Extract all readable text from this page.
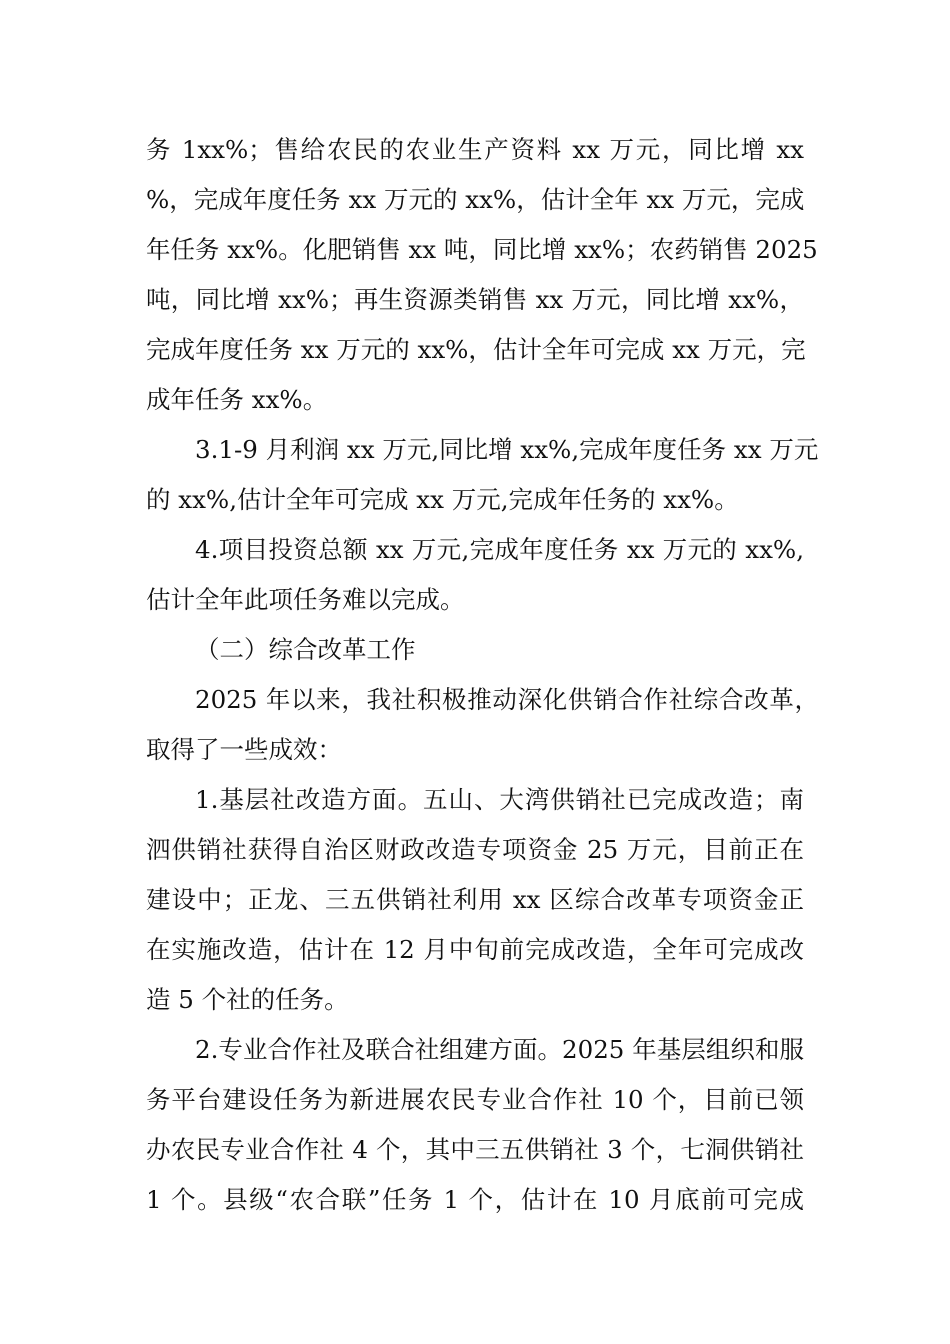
务 1xx%；售给农民的农业生产资料 xx 万元，同比增 xx
%，完成年度任务 xx 万元的 xx%，估计全年 xx 万元，完成
年任务 xx%。化肥销售 xx 吨，同比增 xx%；农药销售 2025
吨，同比增 xx%；再生资源类销售 xx 万元，同比增 xx%，
完成年度任务 xx 万元的 xx%，估计全年可完成 xx 万元，完
成年任务 xx%。
3.1-9 月利润 xx 万元,同比增 xx%,完成年度任务 xx 万元
的 xx%,估计全年可完成 xx 万元,完成年任务的 xx%。
4.项目投资总额 xx 万元,完成年度任务 xx 万元的 xx%,
估计全年此项任务难以完成。
（二）综合改革工作
2025 年以来，我社积极推动深化供销合作社综合改革，
取得了一些成效：
1.基层社改造方面。五山、大湾供销社已完成改造；南
泗供销社获得自治区财政改造专项资金 25 万元，目前正在
建设中；正龙、三五供销社利用 xx 区综合改革专项资金正
在实施改造，估计在 12 月中旬前完成改造，全年可完成改
造 5 个社的任务。
2.专业合作社及联合社组建方面。2025 年基层组织和服
务平台建设任务为新进展农民专业合作社 10 个，目前已领
办农民专业合作社 4 个，其中三五供销社 3 个，七洞供销社
1 个。县级“农合联”任务 1 个，估计在 10 月底前可完成
